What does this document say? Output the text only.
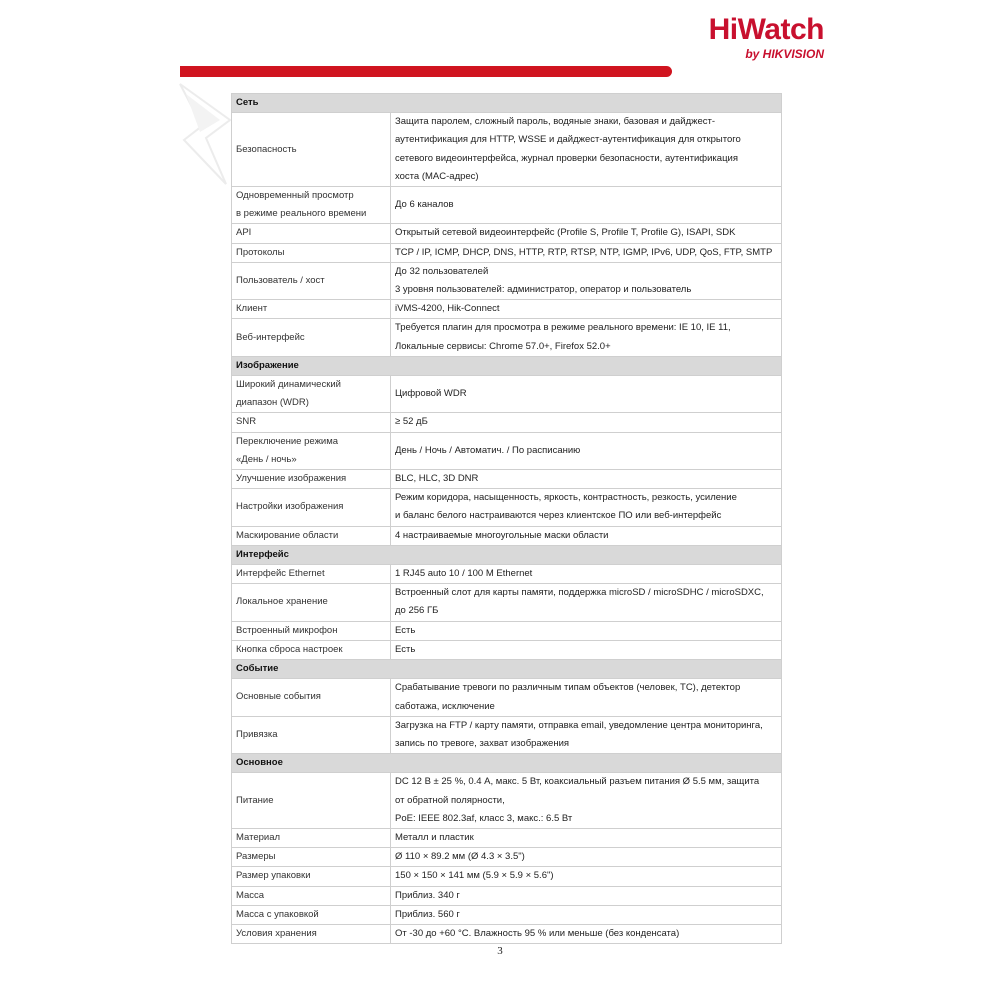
HiWatch
by HIKVISION
Сеть	

Безопасность	Защита паролем, сложный пароль, водяные знаки, базовая и дайджест-
аутентификация для HTTP, WSSE и дайджест-аутентификация для открытого
сетевого видеоинтерфейса, журнал проверки безопасности, аутентификация
хоста (MAC-адрес)

Одновременный просмотр
в режиме реального времени	До 6 каналов

API	Открытый сетевой видеоинтерфейс (Profile S, Profile T, Profile G), ISAPI, SDK

Протоколы	TCP / IP, ICMP, DHCP, DNS, HTTP, RTP, RTSP, NTP, IGMP, IPv6, UDP, QoS, FTP, SMTP

Пользователь / хост	До 32 пользователей
3 уровня пользователей: администратор, оператор и пользователь

Клиент	iVMS-4200, Hik-Connect

Веб-интерфейс	Требуется плагин для просмотра в режиме реального времени: IE 10, IE 11,
Локальные сервисы: Chrome 57.0+, Firefox 52.0+

Изображение	

Широкий динамический
диапазон (WDR)	Цифровой WDR

SNR	≥ 52 дБ

Переключение режима
«День / ночь»	День / Ночь / Автоматич. / По расписанию

Улучшение изображения	BLC, HLC, 3D DNR

Настройки изображения	Режим коридора, насыщенность, яркость, контрастность, резкость, усиление
и баланс белого настраиваются через клиентское ПО или веб-интерфейс

Маскирование области	4 настраиваемые многоугольные маски области

Интерфейс	

Интерфейс Ethernet	1 RJ45 auto 10 / 100 M Ethernet

Локальное хранение	Встроенный слот для карты памяти, поддержка microSD / microSDHC / microSDXC,
до 256 ГБ

Встроенный микрофон	Есть

Кнопка сброса настроек	Есть

Событие	

Основные события	Срабатывание тревоги по различным типам объектов (человек, ТС), детектор
саботажа, исключение

Привязка	Загрузка на FTP / карту памяти, отправка email, уведомление центра мониторинга,
запись по тревоге, захват изображения

Основное	

Питание	DC 12 В ± 25 %, 0.4 А, макс. 5 Вт, коаксиальный разъем питания Ø 5.5 мм, защита
от обратной полярности,
PoE: IEEE 802.3af, класс 3, макс.: 6.5 Вт

Материал	Металл и пластик

Размеры	Ø 110 × 89.2 мм (Ø 4.3 × 3.5")

Размер упаковки	150 × 150 × 141 мм (5.9 × 5.9 × 5.6")

Масса	Приблиз. 340 г

Масса с упаковкой	Приблиз. 560 г

Условия хранения	От -30 до +60 °С. Влажность 95 % или меньше (без конденсата)
3
